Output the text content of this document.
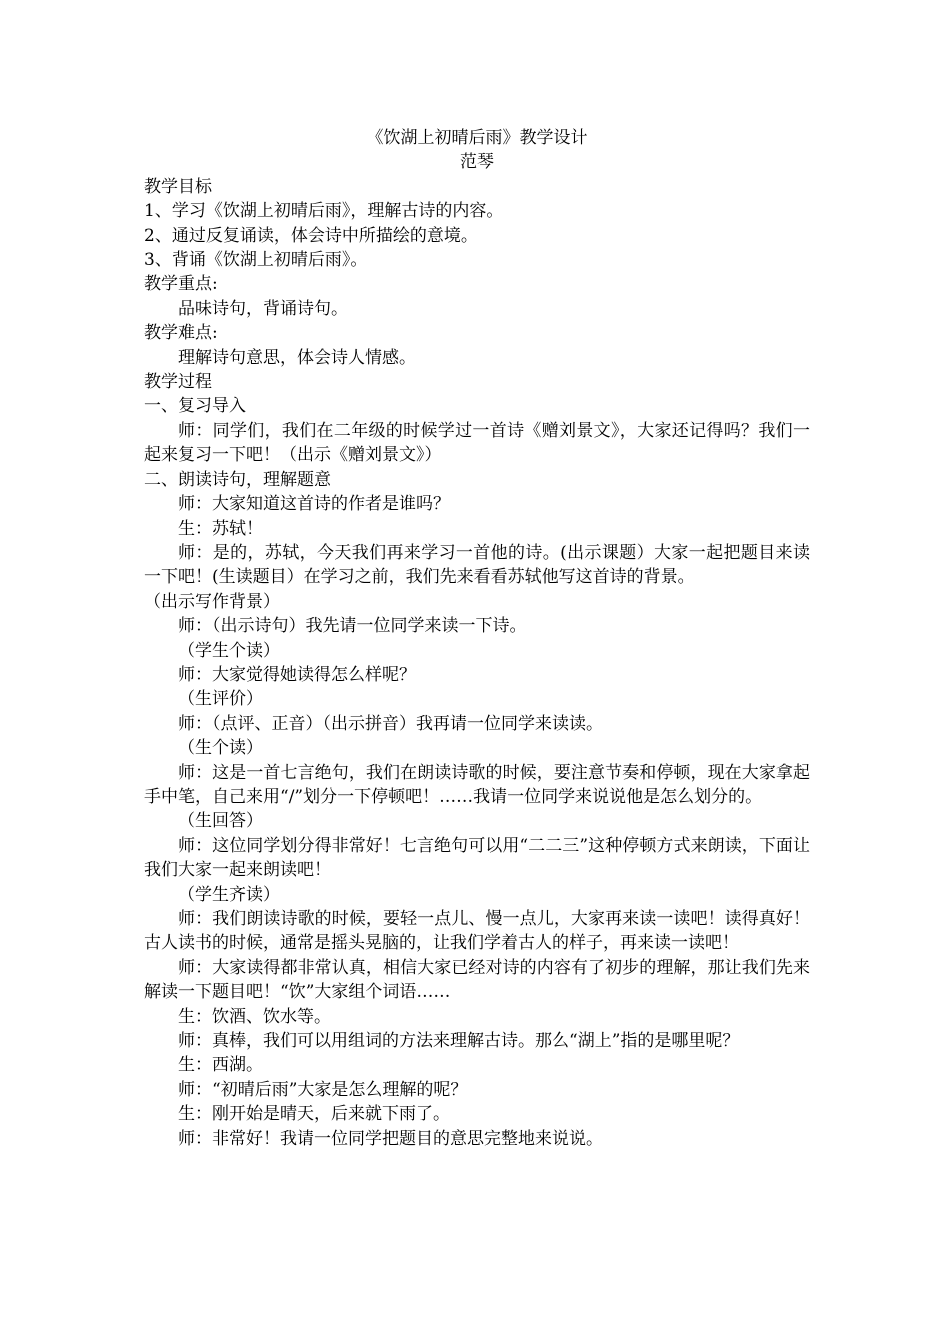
《饮湖上初晴后雨》教学设计
范琴
教学目标
1、学习《饮湖上初晴后雨》，理解古诗的内容。
2、通过反复诵读，体会诗中所描绘的意境。
3、背诵《饮湖上初晴后雨》。
教学重点:
品味诗句，背诵诗句。
教学难点:
理解诗句意思，体会诗人情感。
教学过程
一、复习导入
师：同学们，我们在二年级的时候学过一首诗《赠刘景文》，大家还记得吗？我们一起来复习一下吧！（出示《赠刘景文》）
二、朗读诗句，理解题意
师：大家知道这首诗的作者是谁吗？
生：苏轼！
师：是的，苏轼，今天我们再来学习一首他的诗。(出示课题）大家一起把题目来读一下吧！(生读题目）在学习之前，我们先来看看苏轼他写这首诗的背景。
（出示写作背景）
师：（出示诗句）我先请一位同学来读一下诗。
（学生个读）
师：大家觉得她读得怎么样呢？
（生评价）
师：（点评、正音）（出示拼音）我再请一位同学来读读。
（生个读）
师：这是一首七言绝句，我们在朗读诗歌的时候，要注意节奏和停顿，现在大家拿起手中笔，自己来用“/”划分一下停顿吧！……我请一位同学来说说他是怎么划分的。
（生回答）
师：这位同学划分得非常好！七言绝句可以用“二二三”这种停顿方式来朗读，下面让我们大家一起来朗读吧！
（学生齐读）
师：我们朗读诗歌的时候，要轻一点儿、慢一点儿，大家再来读一读吧！读得真好！古人读书的时候，通常是摇头晃脑的，让我们学着古人的样子，再来读一读吧！
师：大家读得都非常认真，相信大家已经对诗的内容有了初步的理解，那让我们先来解读一下题目吧！“饮”大家组个词语……
生：饮酒、饮水等。
师：真棒，我们可以用组词的方法来理解古诗。那么“湖上”指的是哪里呢？
生：西湖。
师：“初晴后雨”大家是怎么理解的呢？
生：刚开始是晴天，后来就下雨了。
师：非常好！我请一位同学把题目的意思完整地来说说。
